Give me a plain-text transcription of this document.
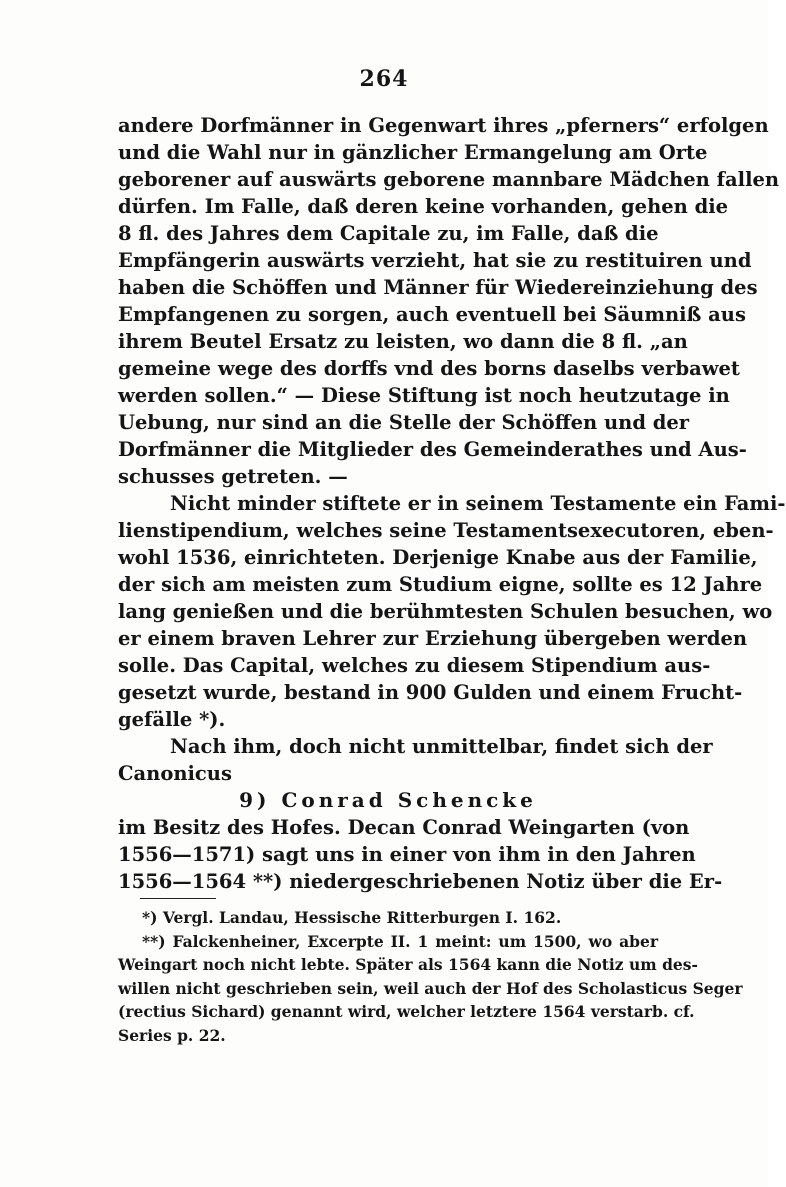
264
andere Dorfmänner in Gegenwart ihres „pferners“ erfolgen
und die Wahl nur in gänzlicher Ermangelung am Orte
geborener auf auswärts geborene mannbare Mädchen fallen
dürfen. Im Falle, daß deren keine vorhanden, gehen die
8 fl. des Jahres dem Capitale zu, im Falle, daß die
Empfängerin auswärts verzieht, hat sie zu restituiren und
haben die Schöffen und Männer für Wiedereinziehung des
Empfangenen zu sorgen, auch eventuell bei Säumniß aus
ihrem Beutel Ersatz zu leisten, wo dann die 8 fl. „an
gemeine wege des dorffs vnd des borns daselbs verbawet
werden sollen.“ — Diese Stiftung ist noch heutzutage in
Uebung, nur sind an die Stelle der Schöffen und der
Dorfmänner die Mitglieder des Gemeinderathes und Aus-
schusses getreten. —
Nicht minder stiftete er in seinem Testamente ein Fami-
lienstipendium, welches seine Testamentsexecutoren, eben-
wohl 1536, einrichteten. Derjenige Knabe aus der Familie,
der sich am meisten zum Studium eigne, sollte es 12 Jahre
lang genießen und die berühmtesten Schulen besuchen, wo
er einem braven Lehrer zur Erziehung übergeben werden
solle. Das Capital, welches zu diesem Stipendium aus-
gesetzt wurde, bestand in 900 Gulden und einem Frucht-
gefälle *).
Nach ihm, doch nicht unmittelbar, findet sich der
Canonicus
9) Conrad Schencke
im Besitz des Hofes. Decan Conrad Weingarten (von
1556—1571) sagt uns in einer von ihm in den Jahren
1556—1564 **) niedergeschriebenen Notiz über die Er-
*) Vergl. Landau, Hessische Ritterburgen I. 162.
**) Falckenheiner, Excerpte II. 1 meint: um 1500, wo aber
Weingart noch nicht lebte. Später als 1564 kann die Notiz um des-
willen nicht geschrieben sein, weil auch der Hof des Scholasticus Seger
(rectius Sichard) genannt wird, welcher letztere 1564 verstarb. cf.
Series p. 22.
